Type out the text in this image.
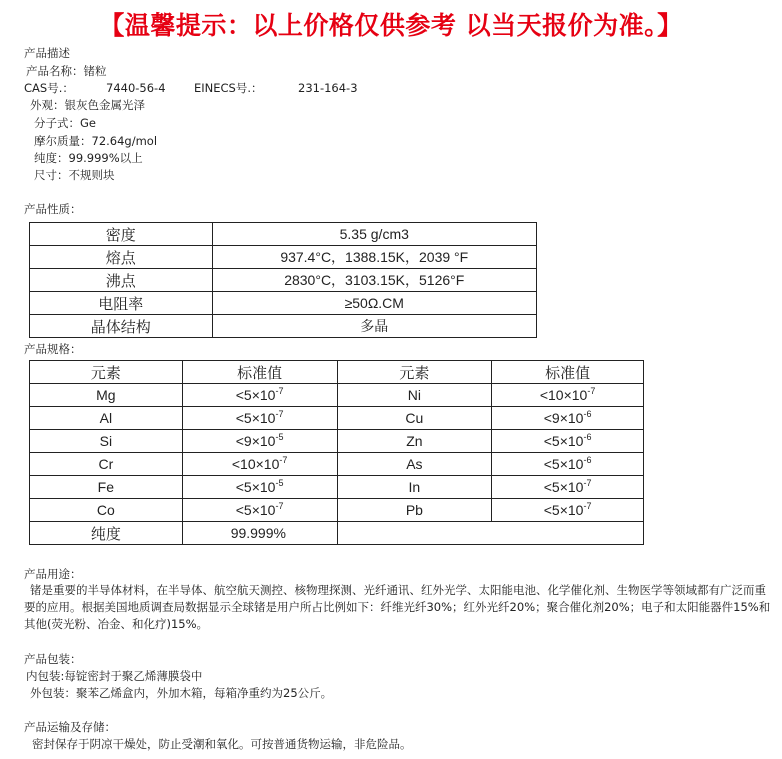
【温馨提示：以上价格仅供参考 以当天报价为准。】
产品描述
产品名称：锗粒
CAS号.：	7440-56-4 EINECS号.：	231-164-3
外观：银灰色金属光泽
分子式：Ge
摩尔质量：72.64g/mol
纯度：99.999%以上
尺寸：不规则块
产品性质：
密度	5.35 g/cm3
熔点	937.4°C，1388.15K，2039 °F
沸点	2830°C，3103.15K，5126°F
电阻率	≥50Ω.CM
晶体结构	多晶
产品规格：
元素	标准值	元素	标准值
Mg	$<5\times 10^{-7}$	Ni	$<10\times 10^{-7}$
Al	$<5\times 10^{-7}$	Cu	$<9\times 10^{-6}$
Si	$<9\times 10^{-5}$	Zn	$<5\times 10^{-6}$
Cr	$<10\times 10^{-7}$	As	$<5\times 10^{-6}$
Fe	$<5\times 10^{-5}$	In	$<5\times 10^{-7}$
Co	$<5\times 10^{-7}$	Pb	$<5\times 10^{-7}$
纯度	99.999%		
产品用途：
锗是重要的半导体材料，在半导体、航空航天测控、核物理探测、光纤通讯、红外光学、太阳能电池、化学催化剂、生物医学等领域都有广泛而重要的应用。根据美国地质调查局数据显示全球锗是用户所占比例如下：纤维光纤30%；红外光纤20%；聚合催化剂20%；电子和太阳能器件15%和其他(荧光粉、冶金、和化疗)15%。
产品包装：
内包装:每锭密封于聚乙烯薄膜袋中
外包装：聚苯乙烯盒内，外加木箱，每箱净重约为25公斤。
产品运输及存储：
密封保存于阴凉干燥处，防止受潮和氧化。可按普通货物运输，非危险品。
